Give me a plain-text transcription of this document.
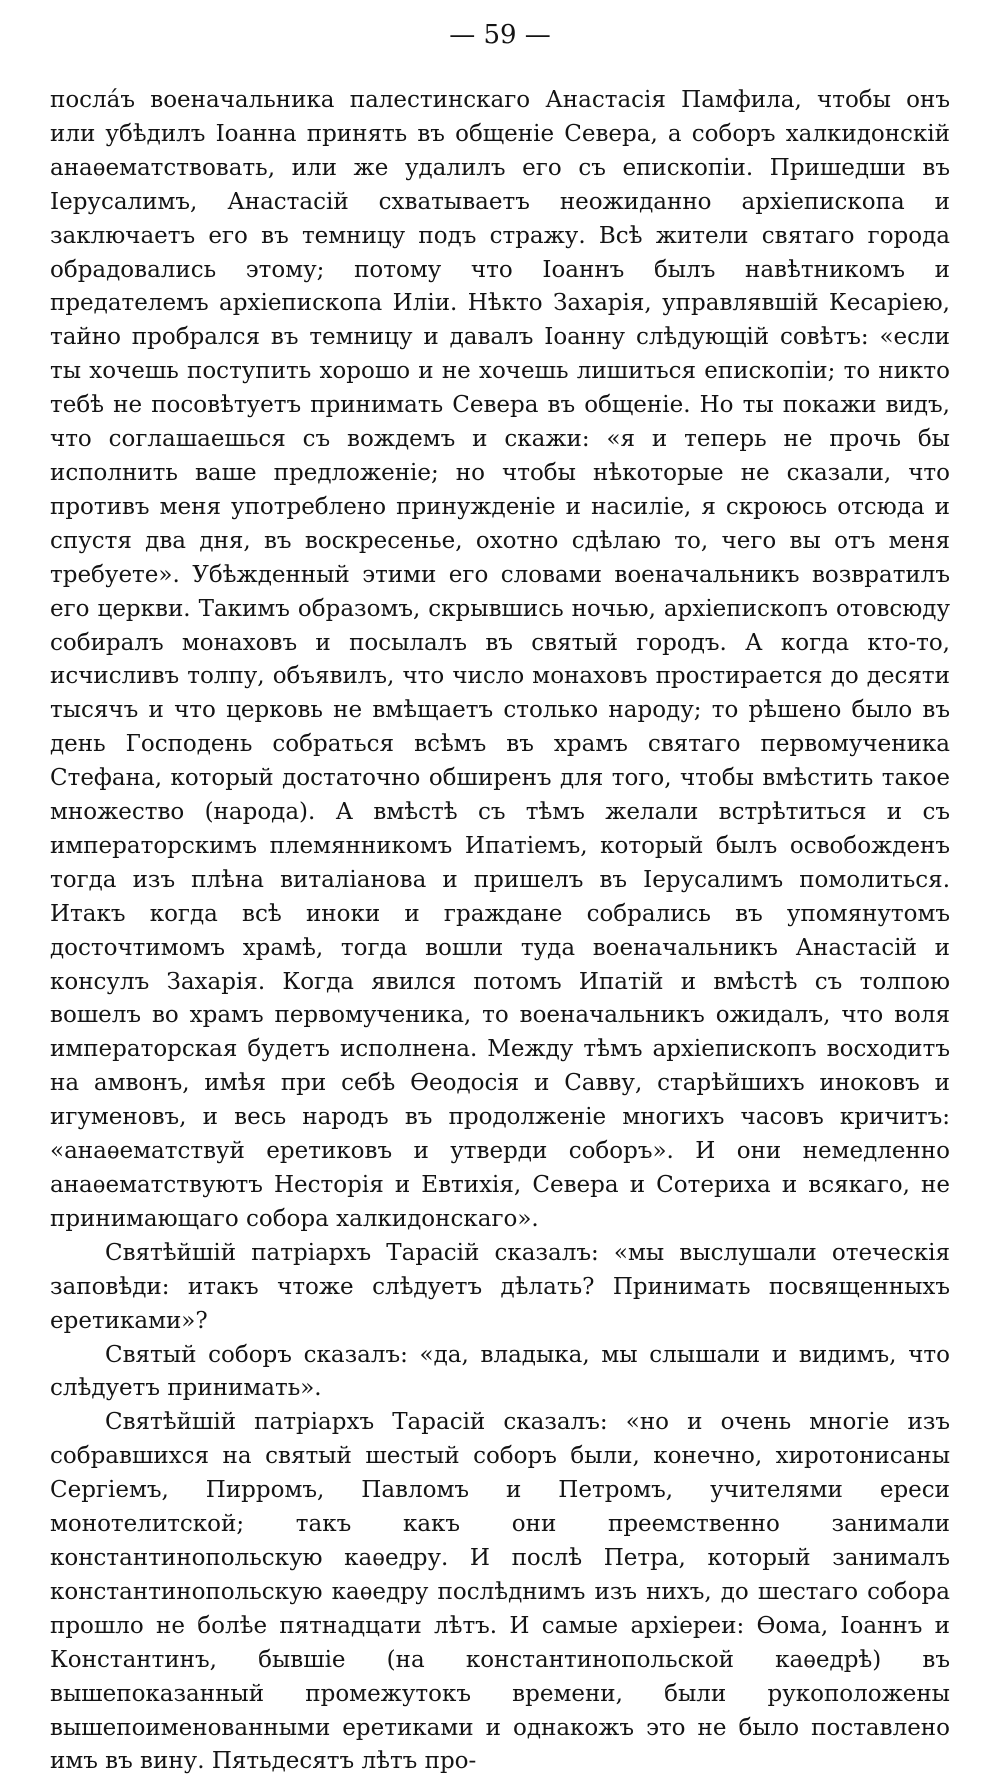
— 59 —

посла́ъ военачальника палестинскаго Анастасія Памфила, чтобы онъ или убѣдилъ Іоанна принять въ общеніе Севера, а соборъ халкидонскій анаѳематствовать, или же удалилъ его съ епископіи. Пришедши въ Іерусалимъ, Анастасій схватываетъ неожиданно архіепископа и заключаетъ его въ темницу подъ стражу. Всѣ жители святаго города обрадовались этому; потому что Іоаннъ былъ навѣтникомъ и предателемъ архіепископа Иліи. Нѣкто Захарія, управлявшій Кесаріею, тайно пробрался въ темницу и давалъ Іоанну слѣдующій совѣтъ: «если ты хочешь поступить хорошо и не хочешь лишиться епископіи; то никто тебѣ не посовѣтуетъ принимать Севера въ общеніе. Но ты покажи видъ, что соглашаешься съ вождемъ и скажи: «я и теперь не прочь бы исполнить ваше предложеніе; но чтобы нѣкоторые не сказали, что противъ меня употреблено принужденіе и насиліе, я скроюсь отсюда и спустя два дня, въ воскресенье, охотно сдѣлаю то, чего вы отъ меня требуете». Убѣжденный этими его словами военачальникъ возвратилъ его церкви. Такимъ образомъ, скрывшись ночью, архіепископъ отовсюду собиралъ монаховъ и посылалъ въ святый городъ. А когда кто-то, исчисливъ толпу, объявилъ, что число монаховъ простирается до десяти тысячъ и что церковь не вмѣщаетъ столько народу; то рѣшено было въ день Господень собраться всѣмъ въ храмъ святаго первомученика Стефана, который достаточно обширенъ для того, чтобы вмѣстить такое множество (народа). А вмѣстѣ съ тѣмъ желали встрѣтиться и съ императорскимъ племянникомъ Ипатіемъ, который былъ освобожденъ тогда изъ плѣна виталіанова и пришелъ въ Іерусалимъ помолиться. Итакъ когда всѣ иноки и граждане собрались въ упомянутомъ досточтимомъ храмѣ, тогда вошли туда военачальникъ Анастасій и консулъ Захарія. Когда явился потомъ Ипатій и вмѣстѣ съ толпою вошелъ во храмъ первомученика, то военачальникъ ожидалъ, что воля императорская будетъ исполнена. Между тѣмъ архіепископъ восходитъ на амвонъ, имѣя при себѣ Ѳеодосія и Савву, старѣйшихъ иноковъ и игуменовъ, и весь народъ въ продолженіе многихъ часовъ кричитъ: «анаѳематствуй еретиковъ и утверди соборъ». И они немедленно анаѳематствуютъ Несторія и Евтихія, Севера и Сотериха и всякаго, не принимающаго собора халкидонскаго».

Святѣйшій патріархъ Тарасій сказалъ: «мы выслушали отеческія заповѣди: итакъ чтоже слѣдуетъ дѣлать? Принимать посвященныхъ еретиками»?

Святый соборъ сказалъ: «да, владыка, мы слышали и видимъ, что слѣдуетъ принимать».

Святѣйшій патріархъ Тарасій сказалъ: «но и очень многіе изъ собравшихся на святый шестый соборъ были, конечно, хиротонисаны Сергіемъ, Пирромъ, Павломъ и Петромъ, учителями ереси монотелитской; такъ какъ они преемственно занимали константинопольскую каѳедру. И послѣ Петра, который занималъ константинопольскую каѳедру послѣднимъ изъ нихъ, до шестаго собора прошло не болѣе пятнадцати лѣтъ. И самые архіереи: Ѳома, Іоаннъ и Константинъ, бывшіе (на константинопольской каѳедрѣ) въ вышепоказанный промежутокъ времени, были рукоположены вышепоименованными еретиками и однакожъ это не было поставлено имъ въ вину. Пятьдесятъ лѣтъ про-
